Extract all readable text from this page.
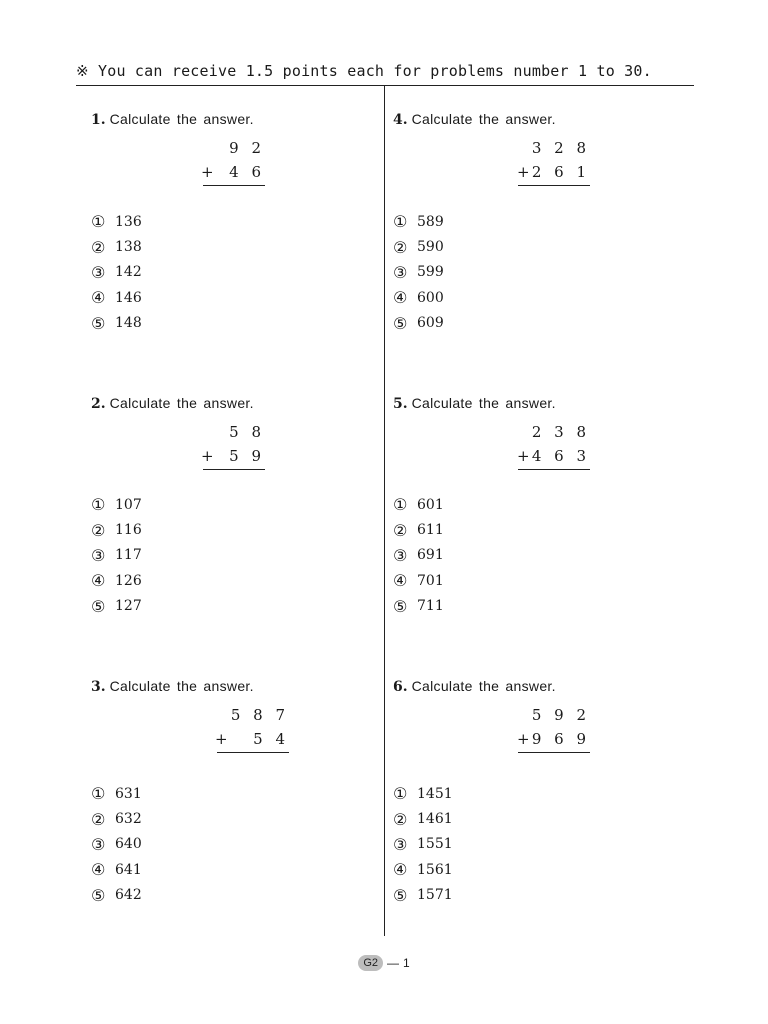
※ You can receive 1.5 points each for problems number 1 to 30.
1. Calculate the answer.
9 2
+ 4 6
① 136
② 138
③ 142
④ 146
⑤ 148
2. Calculate the answer.
5 8
+ 5 9
① 107
② 116
③ 117
④ 126
⑤ 127
3. Calculate the answer.
5 8 7
+ 5 4
① 631
② 632
③ 640
④ 641
⑤ 642
4. Calculate the answer.
3 2 8
+ 2 6 1
① 589
② 590
③ 599
④ 600
⑤ 609
5. Calculate the answer.
2 3 8
+ 4 6 3
① 601
② 611
③ 691
④ 701
⑤ 711
6. Calculate the answer.
5 9 2
+ 9 6 9
① 1451
② 1461
③ 1551
④ 1561
⑤ 1571
G2 — 1
